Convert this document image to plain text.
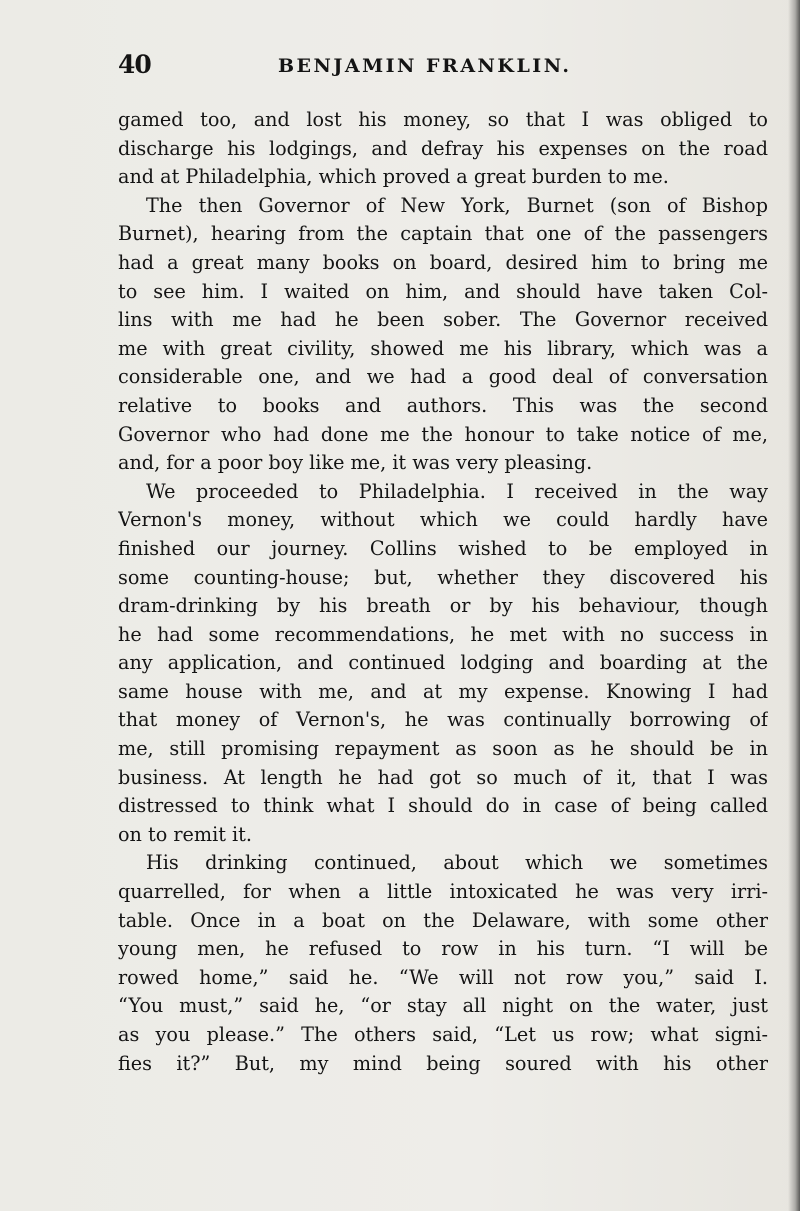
40	BENJAMIN FRANKLIN.
gamed too, and lost his money, so that I was obliged to
discharge his lodgings, and defray his expenses on the road
and at Philadelphia, which proved a great burden to me.
The then Governor of New York, Burnet (son of Bishop
Burnet), hearing from the captain that one of the passengers
had a great many books on board, desired him to bring me
to see him. I waited on him, and should have taken Col-
lins with me had he been sober. The Governor received
me with great civility, showed me his library, which was a
considerable one, and we had a good deal of conversation
relative to books and authors. This was the second
Governor who had done me the honour to take notice of me,
and, for a poor boy like me, it was very pleasing.
We proceeded to Philadelphia. I received in the way
Vernon's money, without which we could hardly have
finished our journey. Collins wished to be employed in
some counting-house; but, whether they discovered his
dram-drinking by his breath or by his behaviour, though
he had some recommendations, he met with no success in
any application, and continued lodging and boarding at the
same house with me, and at my expense. Knowing I had
that money of Vernon's, he was continually borrowing of
me, still promising repayment as soon as he should be in
business. At length he had got so much of it, that I was
distressed to think what I should do in case of being called
on to remit it.
His drinking continued, about which we sometimes
quarrelled, for when a little intoxicated he was very irri-
table. Once in a boat on the Delaware, with some other
young men, he refused to row in his turn. “I will be
rowed home,” said he. “We will not row you,” said I.
“You must,” said he, “or stay all night on the water, just
as you please.” The others said, “Let us row; what signi-
fies it?” But, my mind being soured with his other
